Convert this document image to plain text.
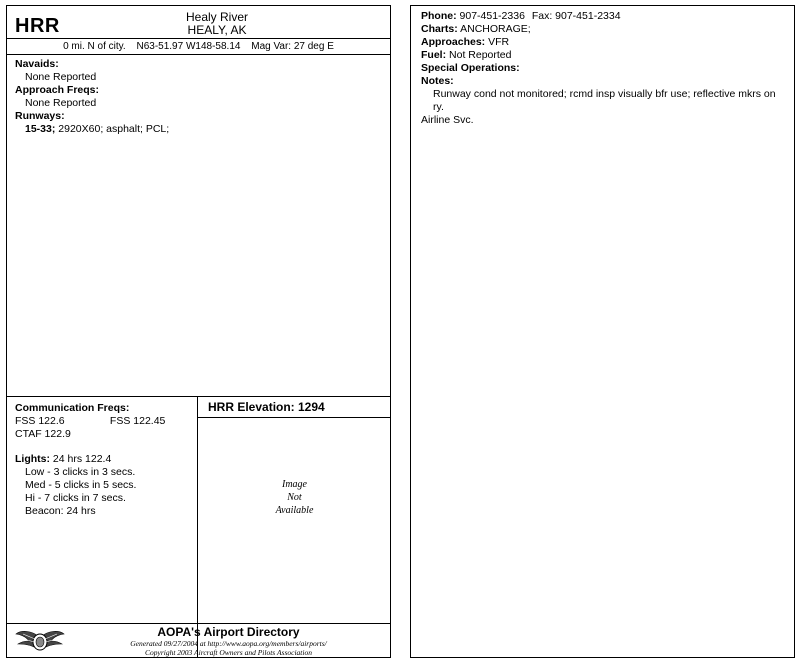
HRR	Healy River
HEALY, AK
0 mi. N of city. N63-51.97 W148-58.14 Mag Var: 27 deg E
Navaids:
None Reported
Approach Freqs:
None Reported
Runways:
15-33; 2920X60; asphalt; PCL;
Communication Freqs:
FSS 122.6	FSS 122.45
CTAF 122.9
Lights: 24 hrs 122.4
Low - 3 clicks in 3 secs.
Med - 5 clicks in 5 secs.
Hi - 7 clicks in 7 secs.
Beacon: 24 hrs
HRR Elevation: 1294
Image
Not
Available
AOPA's Airport Directory
Generated 09/27/2004 at http://www.aopa.org/members/airports/
Copyright 2003 Aircraft Owners and Pilots Association
Phone: 907-451-2336 Fax: 907-451-2334
Charts: ANCHORAGE;
Approaches: VFR
Fuel: Not Reported
Special Operations:
Notes:
Runway cond not monitored; rcmd insp visually bfr use; reflective mkrs on ry.
Airline Svc.
